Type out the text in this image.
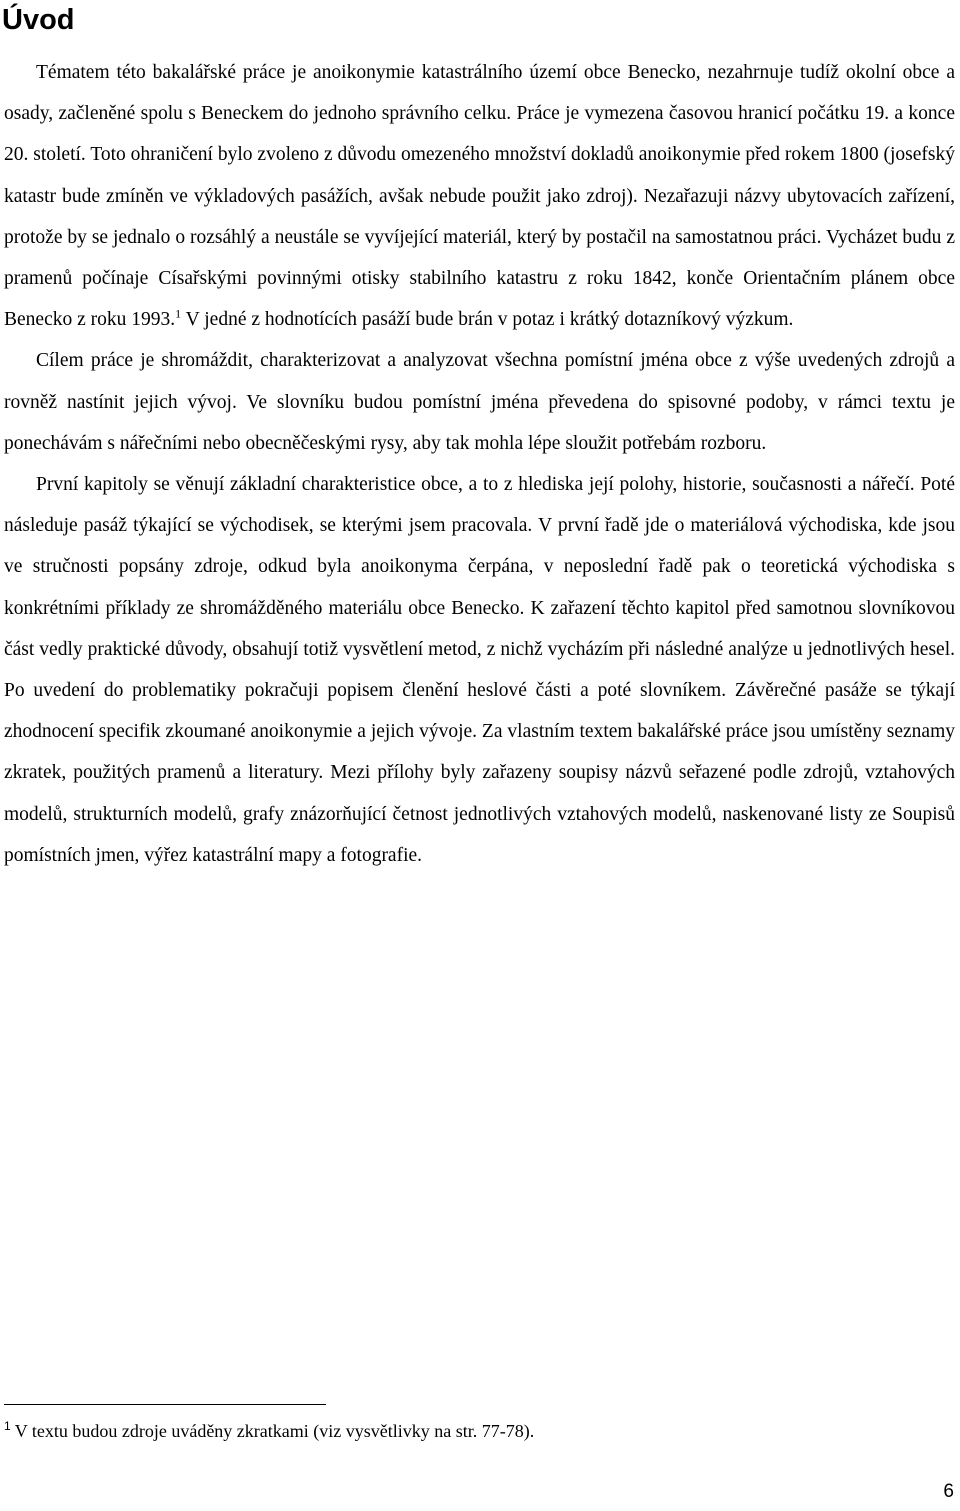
Úvod

Tématem této bakalářské práce je anoikonymie katastrálního území obce Benecko, nezahrnuje tudíž okolní obce a osady, začleněné spolu s Beneckem do jednoho správního celku. Práce je vymezena časovou hranicí počátku 19. a konce 20. století. Toto ohraničení bylo zvoleno z důvodu omezeného množství dokladů anoikonymie před rokem 1800 (josefský katastr bude zmíněn ve výkladových pasážích, avšak nebude použit jako zdroj). Nezařazuji názvy ubytovacích zařízení, protože by se jednalo o rozsáhlý a neustále se vyvíjející materiál, který by postačil na samostatnou práci. Vycházet budu z pramenů počínaje Císařskými povinnými otisky stabilního katastru z roku 1842, konče Orientačním plánem obce Benecko z roku 1993.$^1$ V jedné z hodnotících pasáží bude brán v potaz i krátký dotazníkový výzkum.

Cílem práce je shromáždit, charakterizovat a analyzovat všechna pomístní jména obce z výše uvedených zdrojů a rovněž nastínit jejich vývoj. Ve slovníku budou pomístní jména převedena do spisovné podoby, v rámci textu je ponechávám s nářečními nebo obecněčeskými rysy, aby tak mohla lépe sloužit potřebám rozboru.

První kapitoly se věnují základní charakteristice obce, a to z hlediska její polohy, historie, současnosti a nářečí. Poté následuje pasáž týkající se východisek, se kterými jsem pracovala. V první řadě jde o materiálová východiska, kde jsou ve stručnosti popsány zdroje, odkud byla anoikonyma čerpána, v neposlední řadě pak o teoretická východiska s konkrétními příklady ze shromážděného materiálu obce Benecko. K zařazení těchto kapitol před samotnou slovníkovou část vedly praktické důvody, obsahují totiž vysvětlení metod, z nichž vycházím při následné analýze u jednotlivých hesel. Po uvedení do problematiky pokračuji popisem členění heslové části a poté slovníkem. Závěrečné pasáže se týkají zhodnocení specifik zkoumané anoikonymie a jejich vývoje. Za vlastním textem bakalářské práce jsou umístěny seznamy zkratek, použitých pramenů a literatury. Mezi přílohy byly zařazeny soupisy názvů seřazené podle zdrojů, vztahových modelů, strukturních modelů, grafy znázorňující četnost jednotlivých vztahových modelů, naskenované listy ze Soupisů pomístních jmen, výřez katastrální mapy a fotografie.

$^1$ V textu budou zdroje uváděny zkratkami (viz vysvětlivky na str. 77-78).

6
